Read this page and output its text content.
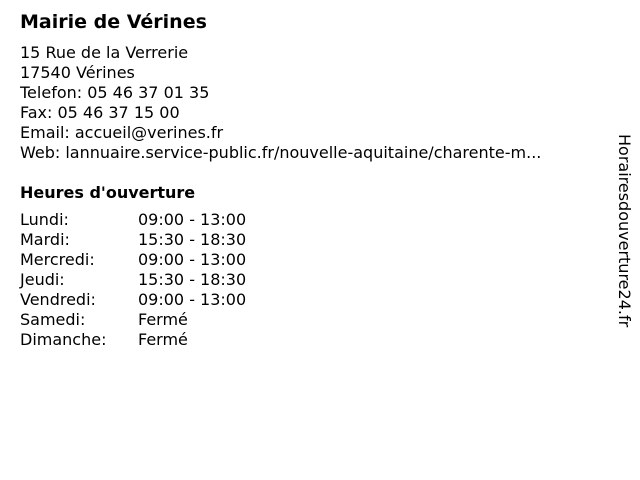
Mairie de Vérines
15 Rue de la Verrerie
17540 Vérines
Telefon: 05 46 37 01 35
Fax: 05 46 37 15 00
Email: accueil@verines.fr
Web: lannuaire.service-public.fr/nouvelle-aquitaine/charente-m...
Heures d'ouverture
Lundi:	09:00 - 13:00
Mardi:	15:30 - 18:30
Mercredi:	09:00 - 13:00
Jeudi:	15:30 - 18:30
Vendredi:	09:00 - 13:00
Samedi:	Fermé
Dimanche:	Fermé
Horairesdouverture24.fr
